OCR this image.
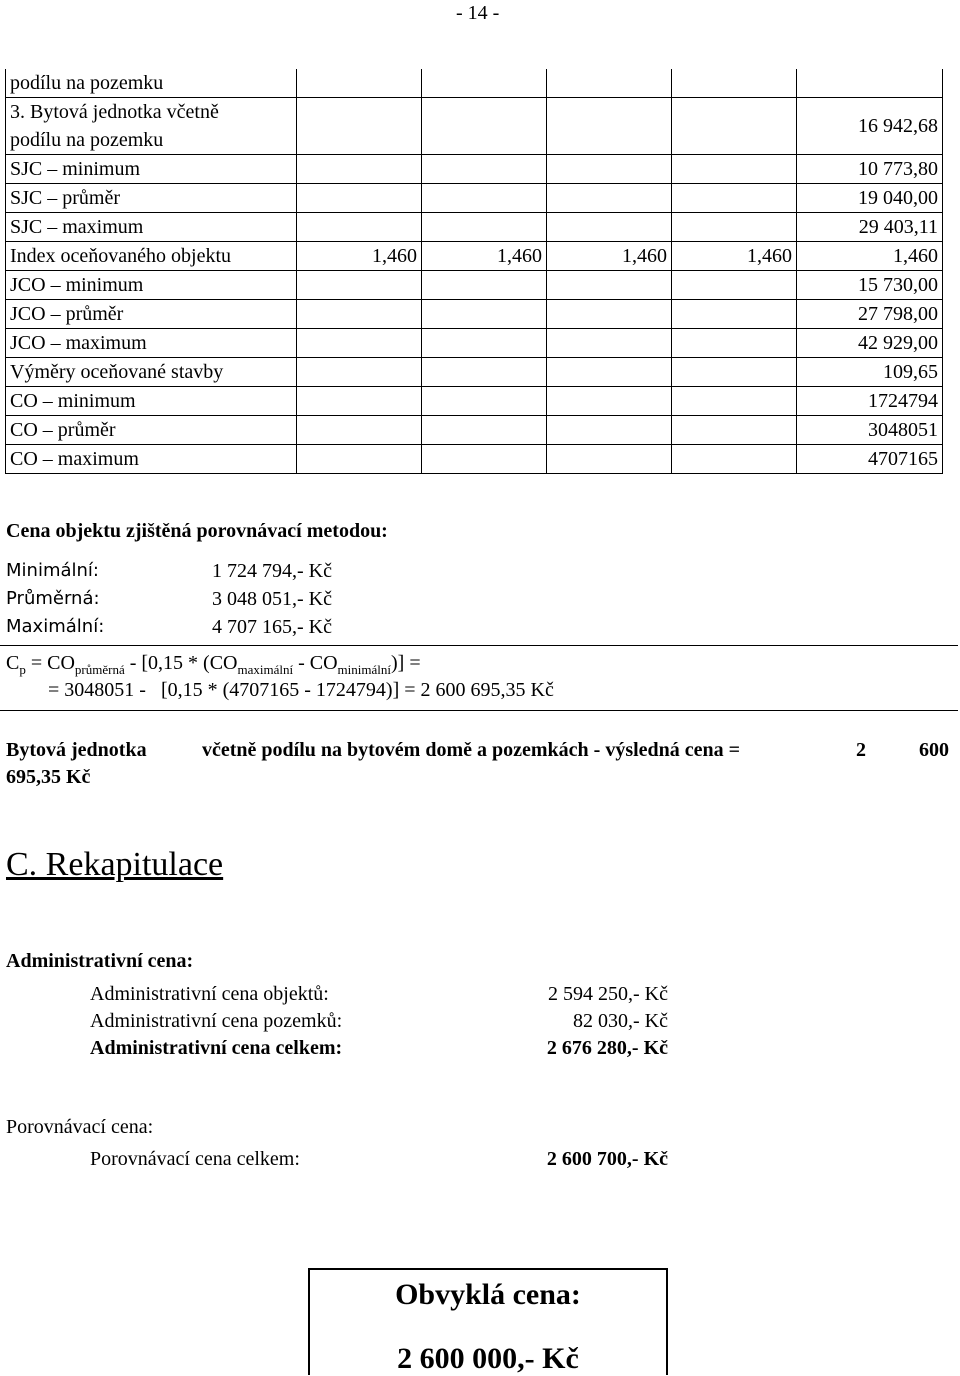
- 14 -
podílu na pozemku					

3. Bytová jednotka včetně
podílu na pozemku					16 942,68
SJC – minimum					10 773,80
SJC – průměr					19 040,00
SJC – maximum					29 403,11
Index oceňovaného objektu	1,460	1,460	1,460	1,460	1,460
JCO – minimum					15 730,00
JCO – průměr					27 798,00
JCO – maximum					42 929,00
Výměry oceňované stavby					109,65
CO – minimum					1724794
CO – průměr					3048051
CO – maximum					4707165
Cena objektu zjištěná porovnávací metodou:
Minimální:	1 724 794,- Kč
Průměrná:	3 048 051,- Kč
Maximální:	4 707 165,- Kč
$C_p = CO_{průměrná} - [0,15 * (CO_{maximální} - CO_{minimální})]$ =
= 3048051 -   [0,15 * (4707165 - 1724794)] = 2 600 695,35 Kč
Bytová jednotka	včetně podílu na bytovém domě a pozemkách - výsledná cena =	2	600
695,35 Kč
C. Rekapitulace
Administrativní cena:
Administrativní cena objektů:	2 594 250,- Kč
Administrativní cena pozemků:	82 030,- Kč
Administrativní cena celkem:	2 676 280,- Kč
Porovnávací cena:
Porovnávací cena celkem:	2 600 700,- Kč
Obvyklá cena:
2 600 000,- Kč
